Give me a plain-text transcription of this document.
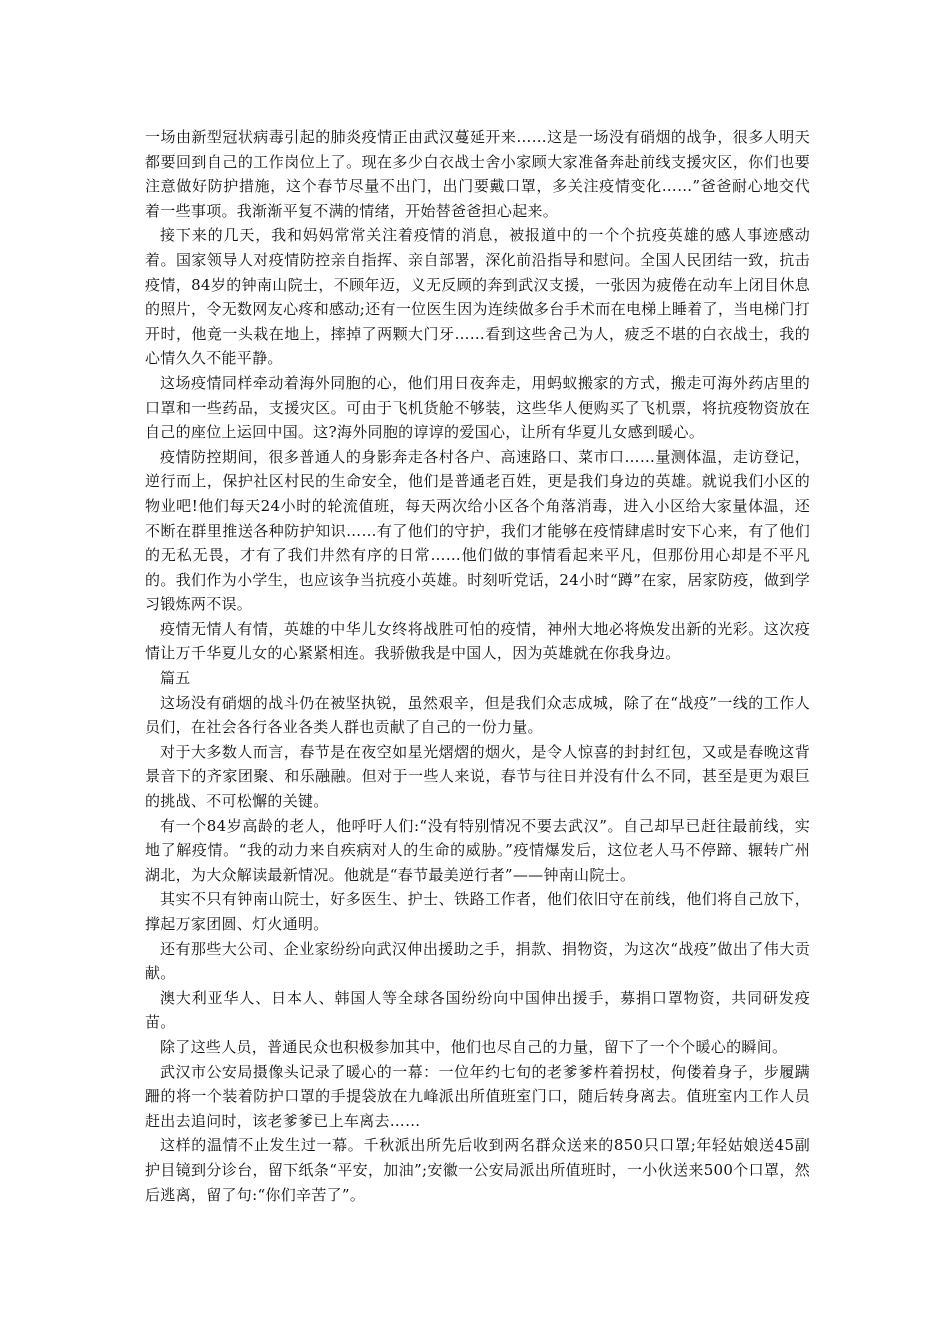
一场由新型冠状病毒引起的肺炎疫情正由武汉蔓延开来……这是一场没有硝烟的战争，很多人明天都要回到自己的工作岗位上了。现在多少白衣战士舍小家顾大家准备奔赴前线支援灾区，你们也要注意做好防护措施，这个春节尽量不出门，出门要戴口罩，多关注疫情变化……”爸爸耐心地交代着一些事项。我渐渐平复不满的情绪，开始替爸爸担心起来。

接下来的几天，我和妈妈常常关注着疫情的消息，被报道中的一个个抗疫英雄的感人事迹感动着。国家领导人对疫情防控亲自指挥、亲自部署，深化前沿指导和慰问。全国人民团结一致，抗击疫情，84岁的钟南山院士，不顾年迈，义无反顾的奔到武汉支援，一张因为疲倦在动车上闭目休息的照片，令无数网友心疼和感动;还有一位医生因为连续做多台手术而在电梯上睡着了，当电梯门打开时，他竟一头栽在地上，摔掉了两颗大门牙……看到这些舍己为人，疲乏不堪的白衣战士，我的心情久久不能平静。

这场疫情同样牵动着海外同胞的心，他们用日夜奔走，用蚂蚁搬家的方式，搬走可海外药店里的口罩和一些药品，支援灾区。可由于飞机货舱不够装，这些华人便购买了飞机票，将抗疫物资放在自己的座位上运回中国。这?海外同胞的谆谆的爱国心，让所有华夏儿女感到暖心。

疫情防控期间，很多普通人的身影奔走各村各户、高速路口、菜市口……量测体温，走访登记，逆行而上，保护社区村民的生命安全，他们是普通老百姓，更是我们身边的英雄。就说我们小区的物业吧!他们每天24小时的轮流值班，每天两次给小区各个角落消毒，进入小区给大家量体温，还不断在群里推送各种防护知识……有了他们的守护，我们才能够在疫情肆虐时安下心来，有了他们的无私无畏，才有了我们井然有序的日常……他们做的事情看起来平凡，但那份用心却是不平凡的。我们作为小学生，也应该争当抗疫小英雄。时刻听党话，24小时“蹲”在家，居家防疫，做到学习锻炼两不误。

疫情无情人有情，英雄的中华儿女终将战胜可怕的疫情，神州大地必将焕发出新的光彩。这次疫情让万千华夏儿女的心紧紧相连。我骄傲我是中国人，因为英雄就在你我身边。

篇五

这场没有硝烟的战斗仍在被坚执锐，虽然艰辛，但是我们众志成城，除了在“战疫”一线的工作人员们，在社会各行各业各类人群也贡献了自己的一份力量。

对于大多数人而言，春节是在夜空如星光熠熠的烟火，是令人惊喜的封封红包，又或是春晚这背景音下的齐家团聚、和乐融融。但对于一些人来说，春节与往日并没有什么不同，甚至是更为艰巨的挑战、不可松懈的关键。

有一个84岁高龄的老人，他呼吁人们:“没有特别情况不要去武汉”。自己却早已赶往最前线，实地了解疫情。“我的动力来自疾病对人的生命的威胁。”疫情爆发后，这位老人马不停蹄、辗转广州湖北，为大众解读最新情况。他就是“春节最美逆行者”——钟南山院士。

其实不只有钟南山院士，好多医生、护士、铁路工作者，他们依旧守在前线，他们将自己放下，撑起万家团圆、灯火通明。

还有那些大公司、企业家纷纷向武汉伸出援助之手，捐款、捐物资，为这次“战疫”做出了伟大贡献。

澳大利亚华人、日本人、韩国人等全球各国纷纷向中国伸出援手，募捐口罩物资，共同研发疫苗。

除了这些人员，普通民众也积极参加其中，他们也尽自己的力量，留下了一个个暖心的瞬间。

武汉市公安局摄像头记录了暖心的一幕：一位年约七旬的老爹爹杵着拐杖，佝偻着身子，步履蹒跚的将一个装着防护口罩的手提袋放在九峰派出所值班室门口，随后转身离去。值班室内工作人员赶出去追问时，该老爹爹已上车离去……

这样的温情不止发生过一幕。千秋派出所先后收到两名群众送来的850只口罩;年轻姑娘送45副护目镜到分诊台，留下纸条“平安，加油”;安徽一公安局派出所值班时，一小伙送来500个口罩，然后逃离，留了句:“你们辛苦了”。
